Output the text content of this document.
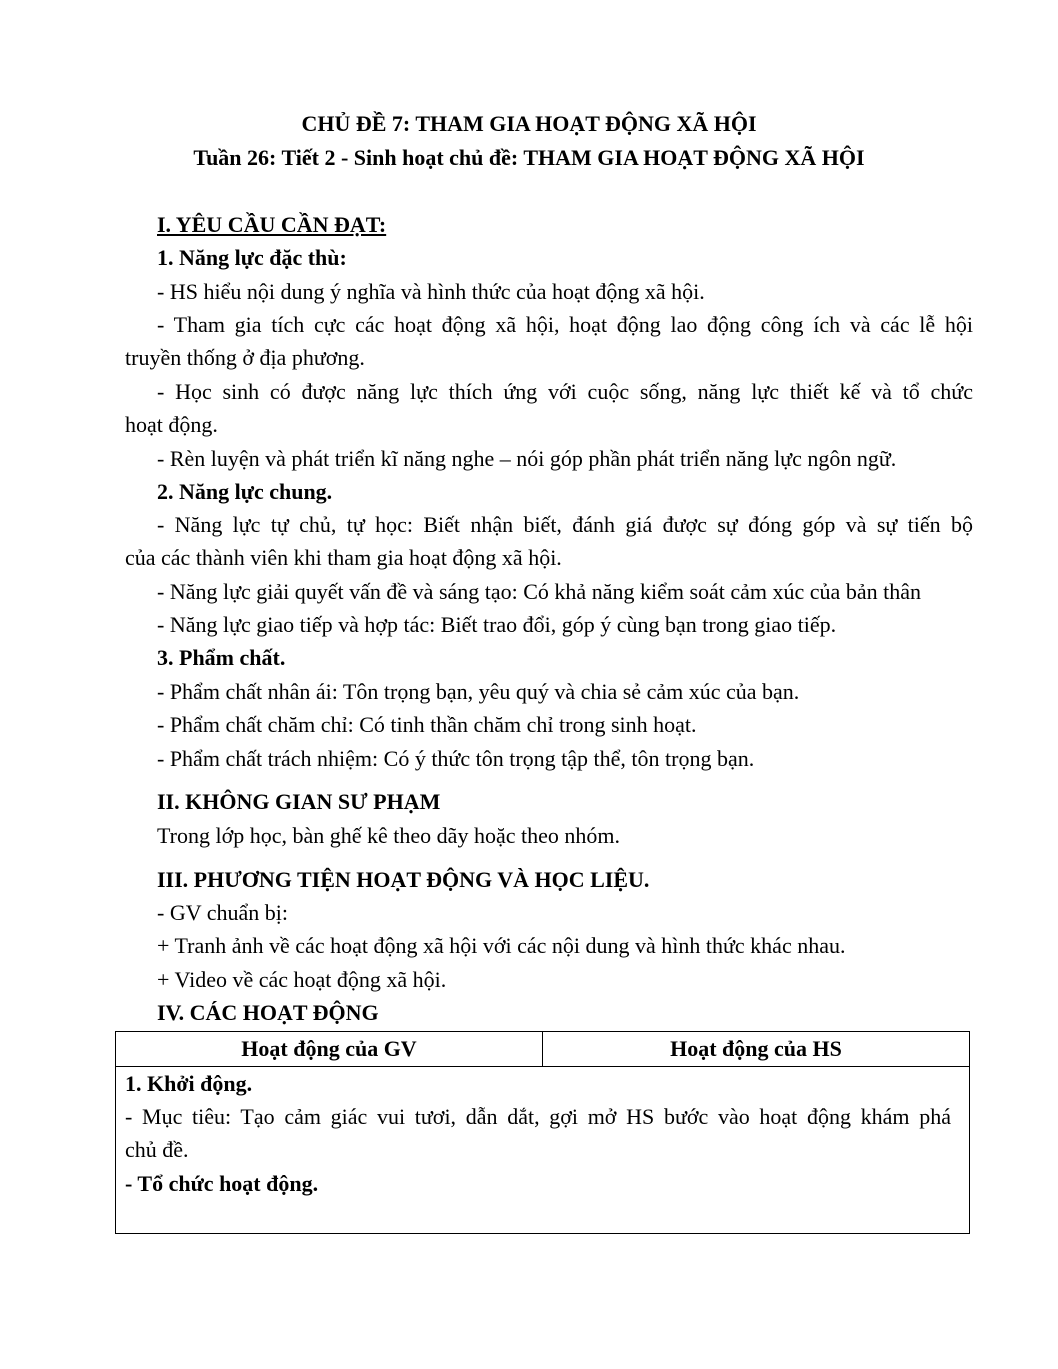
CHỦ ĐỀ 7: THAM GIA HOẠT ĐỘNG XÃ HỘI
Tuần 26: Tiết 2 - Sinh hoạt chủ đề: THAM GIA HOẠT ĐỘNG XÃ HỘI
I. YÊU CẦU CẦN ĐẠT:
1. Năng lực đặc thù:
- HS hiểu nội dung ý nghĩa và hình thức của hoạt động xã hội.
- Tham gia tích cực các hoạt động xã hội, hoạt động lao động công ích và các lễ hội
truyền thống ở địa phương.
- Học sinh có được năng lực thích ứng với cuộc sống, năng lực thiết kế và tổ chức
hoạt động.
- Rèn luyện và phát triển kĩ năng nghe – nói góp phần phát triển năng lực ngôn ngữ.
2. Năng lực chung.
- Năng lực tự chủ, tự học: Biết nhận biết, đánh giá được sự đóng góp và sự tiến bộ
của các thành viên khi tham gia hoạt động xã hội.
- Năng lực giải quyết vấn đề và sáng tạo: Có khả năng kiểm soát cảm xúc của bản thân
- Năng lực giao tiếp và hợp tác: Biết trao đổi, góp ý cùng bạn trong giao tiếp.
3. Phẩm chất.
- Phẩm chất nhân ái: Tôn trọng bạn, yêu quý và chia sẻ cảm xúc của bạn.
- Phẩm chất chăm chỉ: Có tinh thần chăm chỉ trong sinh hoạt.
- Phẩm chất trách nhiệm: Có ý thức tôn trọng tập thể, tôn trọng bạn.
II. KHÔNG GIAN SƯ PHẠM
Trong lớp học, bàn ghế kê theo dãy hoặc theo nhóm.
III. PHƯƠNG TIỆN HOẠT ĐỘNG VÀ HỌC LIỆU.
- GV chuẩn bị:
+ Tranh ảnh về các hoạt động xã hội với các nội dung và hình thức khác nhau.
+ Video về các hoạt động xã hội.
IV. CÁC HOẠT ĐỘNG
Hoạt động của GV	Hoạt động của HS

1. Khởi động.
- Mục tiêu: Tạo cảm giác vui tươi, dẫn dắt, gợi mở HS bước vào hoạt động khám phá
chủ đề.
- Tổ chức hoạt động.
